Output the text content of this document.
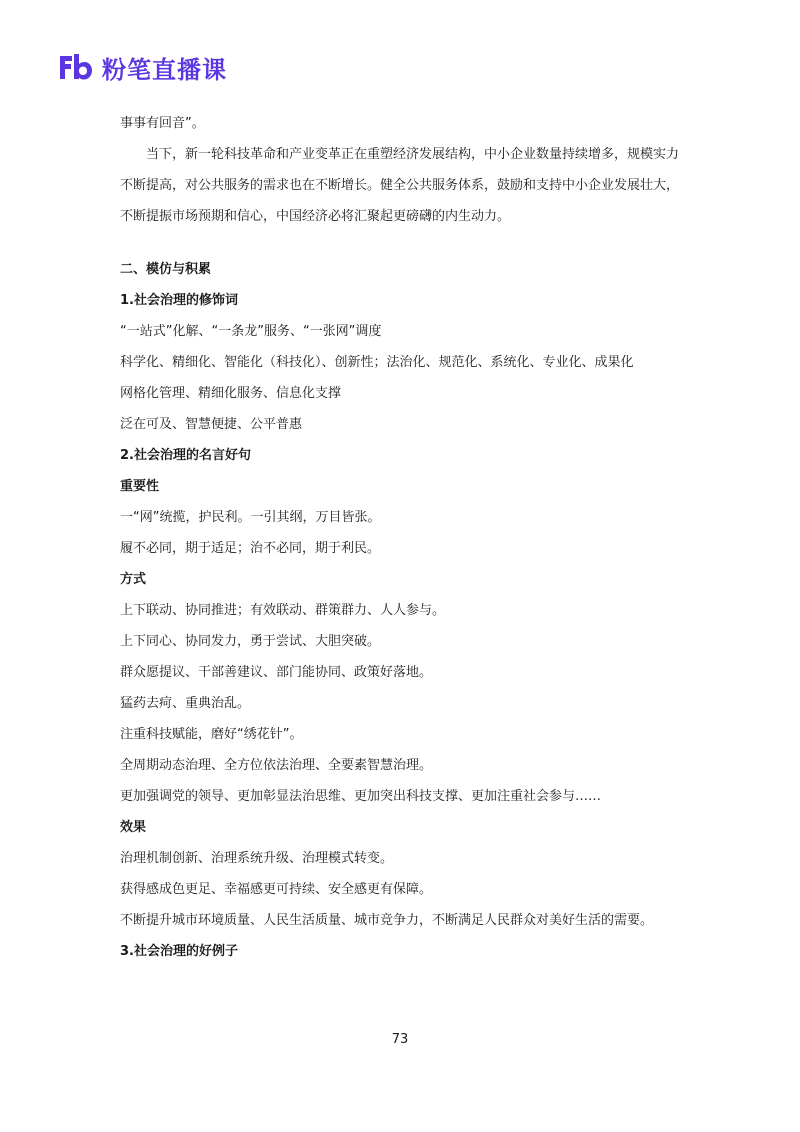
粉笔直播课
事事有回音”。

当下，新一轮科技革命和产业变革正在重塑经济发展结构，中小企业数量持续增多，规模实力不断提高，对公共服务的需求也在不断增长。健全公共服务体系，鼓励和支持中小企业发展壮大，不断提振市场预期和信心，中国经济必将汇聚起更磅礴的内生动力。

二、模仿与积累
1.社会治理的修饰词
“一站式”化解、“一条龙”服务、“一张网”调度
科学化、精细化、智能化（科技化）、创新性；法治化、规范化、系统化、专业化、成果化
网格化管理、精细化服务、信息化支撑
泛在可及、智慧便捷、公平普惠
2.社会治理的名言好句
重要性
一“网”统揽，护民利。一引其纲，万目皆张。
履不必同，期于适足；治不必同，期于利民。
方式
上下联动、协同推进；有效联动、群策群力、人人参与。
上下同心、协同发力，勇于尝试、大胆突破。
群众愿提议、干部善建议、部门能协同、政策好落地。
猛药去疴、重典治乱。
注重科技赋能，磨好“绣花针”。
全周期动态治理、全方位依法治理、全要素智慧治理。
更加强调党的领导、更加彰显法治思维、更加突出科技支撑、更加注重社会参与……
效果
治理机制创新、治理系统升级、治理模式转变。
获得感成色更足、幸福感更可持续、安全感更有保障。
不断提升城市环境质量、人民生活质量、城市竞争力，不断满足人民群众对美好生活的需要。
3.社会治理的好例子
73
